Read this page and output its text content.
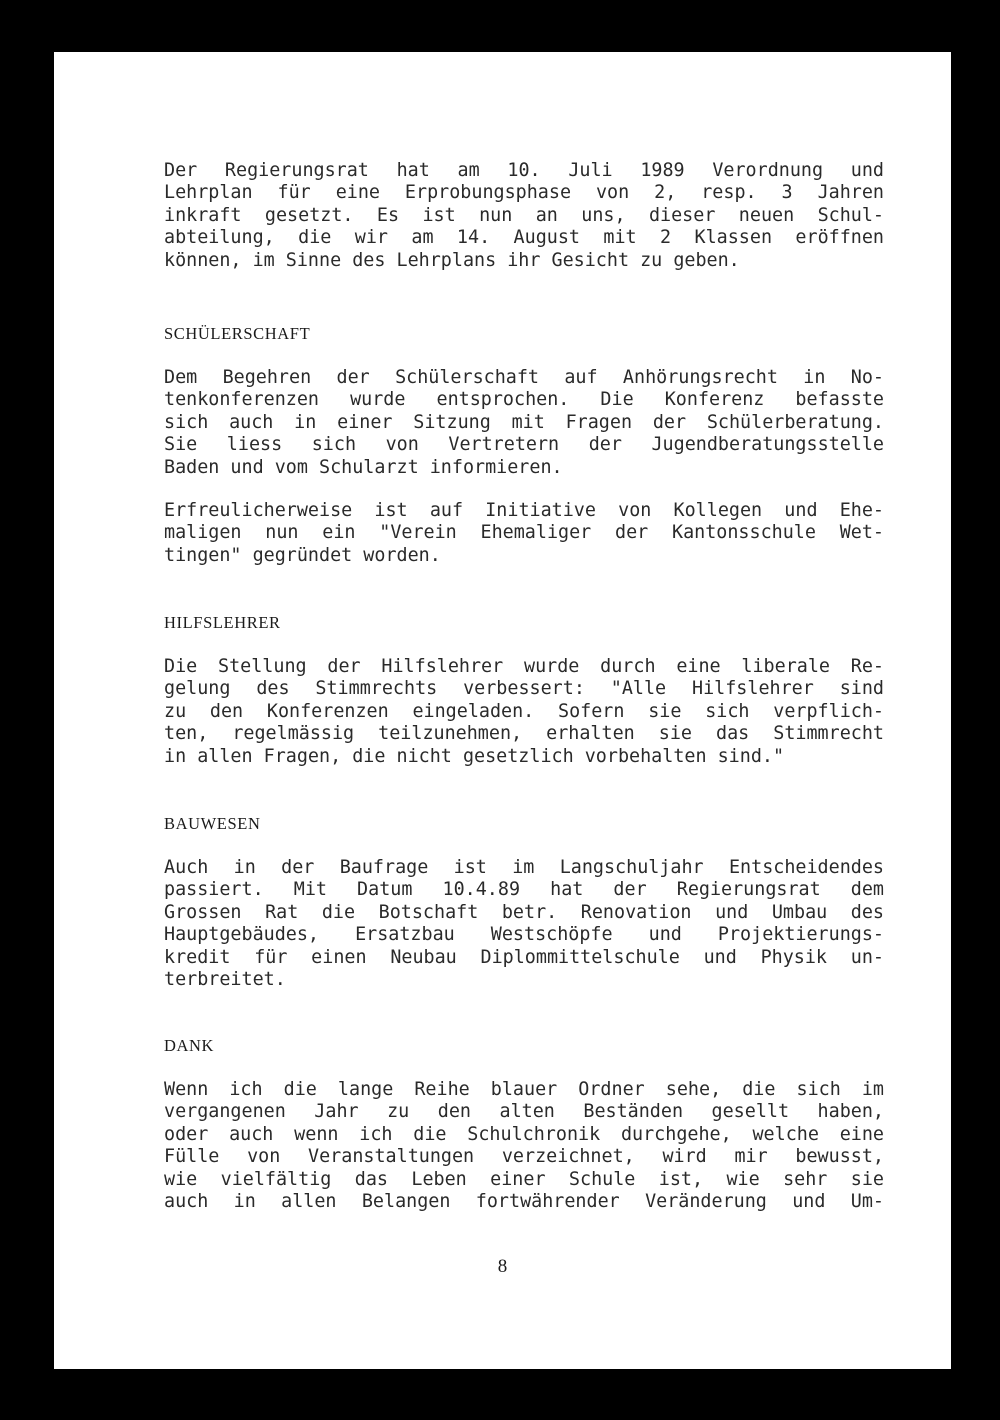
Der Regierungsrat hat am 10. Juli 1989 Verordnung und
Lehrplan für eine Erprobungsphase von 2, resp. 3 Jahren
inkraft gesetzt. Es ist nun an uns, dieser neuen Schul-
abteilung, die wir am 14. August mit 2 Klassen eröffnen
können, im Sinne des Lehrplans ihr Gesicht zu geben.
SCHÜLERSCHAFT
Dem Begehren der Schülerschaft auf Anhörungsrecht in No-
tenkonferenzen wurde entsprochen. Die Konferenz befasste
sich auch in einer Sitzung mit Fragen der Schülerberatung.
Sie liess sich von Vertretern der Jugendberatungsstelle
Baden und vom Schularzt informieren.
Erfreulicherweise ist auf Initiative von Kollegen und Ehe-
maligen nun ein "Verein Ehemaliger der Kantonsschule Wet-
tingen" gegründet worden.
HILFSLEHRER
Die Stellung der Hilfslehrer wurde durch eine liberale Re-
gelung des Stimmrechts verbessert: "Alle Hilfslehrer sind
zu den Konferenzen eingeladen. Sofern sie sich verpflich-
ten, regelmässig teilzunehmen, erhalten sie das Stimmrecht
in allen Fragen, die nicht gesetzlich vorbehalten sind."
BAUWESEN
Auch in der Baufrage ist im Langschuljahr Entscheidendes
passiert. Mit Datum 10.4.89 hat der Regierungsrat dem
Grossen Rat die Botschaft betr. Renovation und Umbau des
Hauptgebäudes, Ersatzbau Westschöpfe und Projektierungs-
kredit für einen Neubau Diplommittelschule und Physik un-
terbreitet.
DANK
Wenn ich die lange Reihe blauer Ordner sehe, die sich im
vergangenen Jahr zu den alten Beständen gesellt haben,
oder auch wenn ich die Schulchronik durchgehe, welche eine
Fülle von Veranstaltungen verzeichnet, wird mir bewusst,
wie vielfältig das Leben einer Schule ist, wie sehr sie
auch in allen Belangen fortwährender Veränderung und Um-
8
